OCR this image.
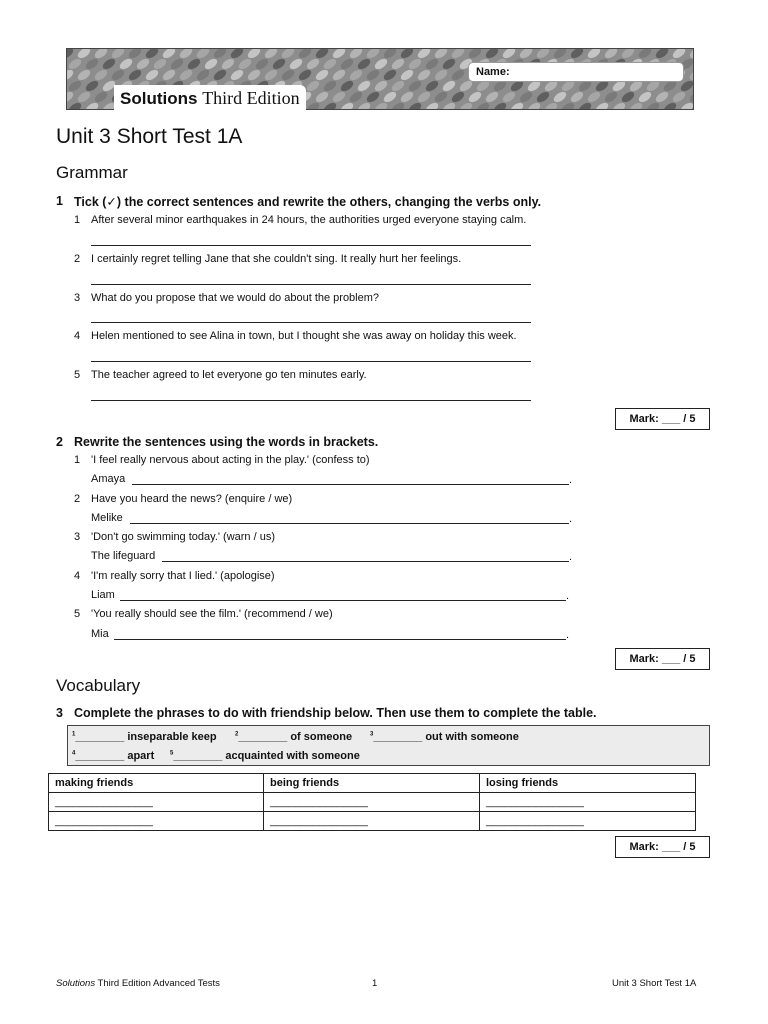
Solutions Third Edition
Name:
Unit 3 Short Test 1A
Grammar
1 Tick (✓) the correct sentences and rewrite the others, changing the verbs only.
1 After several minor earthquakes in 24 hours, the authorities urged everyone staying calm.
2 I certainly regret telling Jane that she couldn't sing. It really hurt her feelings.
3 What do you propose that we would do about the problem?
4 Helen mentioned to see Alina in town, but I thought she was away on holiday this week.
5 The teacher agreed to let everyone go ten minutes early.
Mark: ___ / 5
2 Rewrite the sentences using the words in brackets.
1 'I feel really nervous about acting in the play.' (confess to)
Amaya	.
2 Have you heard the news? (enquire / we)
Melike	.
3 'Don't go swimming today.' (warn / us)
The lifeguard	.
4 'I'm really sorry that I lied.' (apologise)
Liam	.
5 'You really should see the film.' (recommend / we)
Mia	.
Mark: ___ / 5
Vocabulary
3 Complete the phrases to do with friendship below. Then use them to complete the table.
$^1$________ inseparable keep	$^2$________ of someone	$^3$________ out with someone
$^4$________ apart	$^5$________ acquainted with someone
making friends	being friends	losing friends
________________	________________	________________
________________	________________	________________
Mark: ___ / 5
Solutions Third Edition Advanced Tests	1	Unit 3 Short Test 1A
